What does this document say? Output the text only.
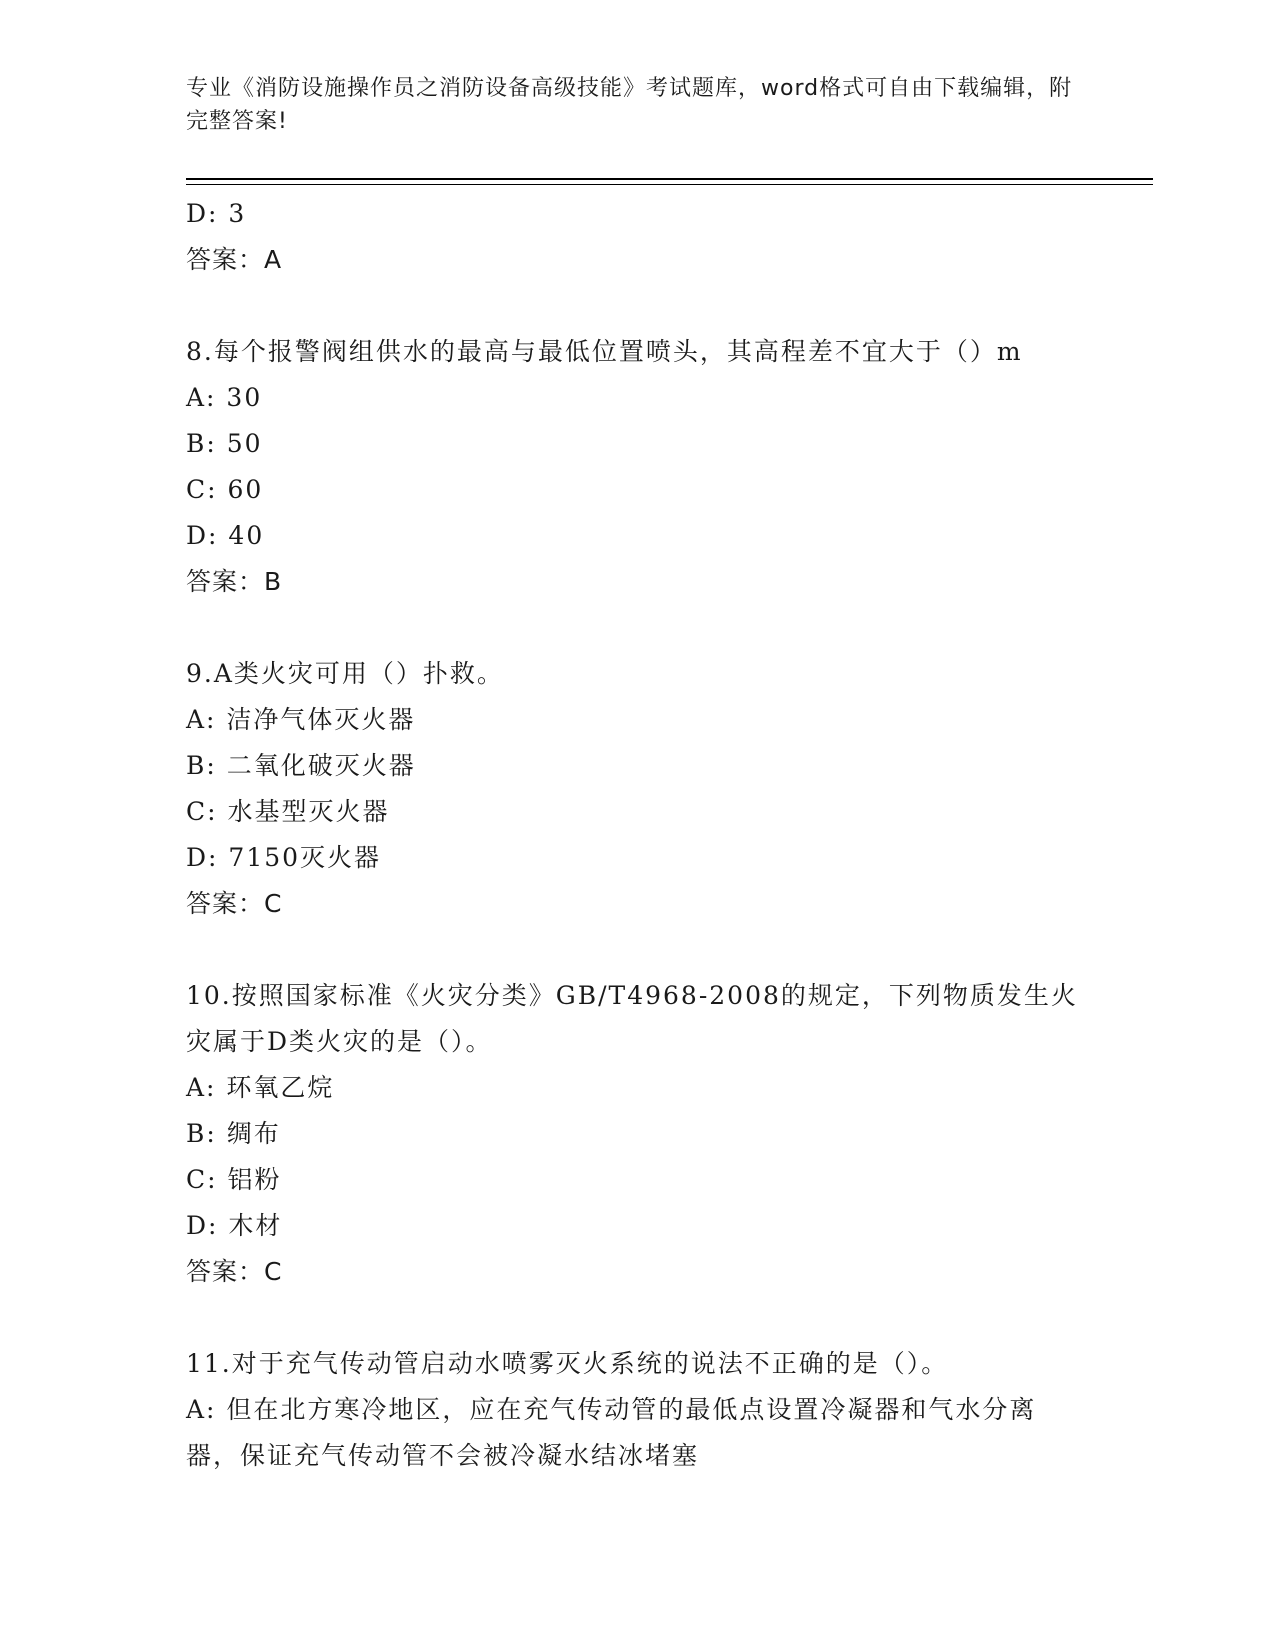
专业《消防设施操作员之消防设备高级技能》考试题库，word格式可自由下载编辑，附完整答案!
D: 3
答案：A
8.每个报警阀组供水的最高与最低位置喷头，其高程差不宜大于（）m
A: 30
B: 50
C: 60
D: 40
答案：B
9.A类火灾可用（）扑救。
A: 洁净气体灭火器
B: 二氧化破灭火器
C: 水基型灭火器
D: 7150灭火器
答案：C
10.按照国家标准《火灾分类》GB/T4968-2008的规定，下列物质发生火灾属于D类火灾的是（）。
A: 环氧乙烷
B: 绸布
C: 铝粉
D: 木材
答案：C
11.对于充气传动管启动水喷雾灭火系统的说法不正确的是（）。
A: 但在北方寒冷地区，应在充气传动管的最低点设置冷凝器和气水分离器，保证充气传动管不会被冷凝水结冰堵塞
